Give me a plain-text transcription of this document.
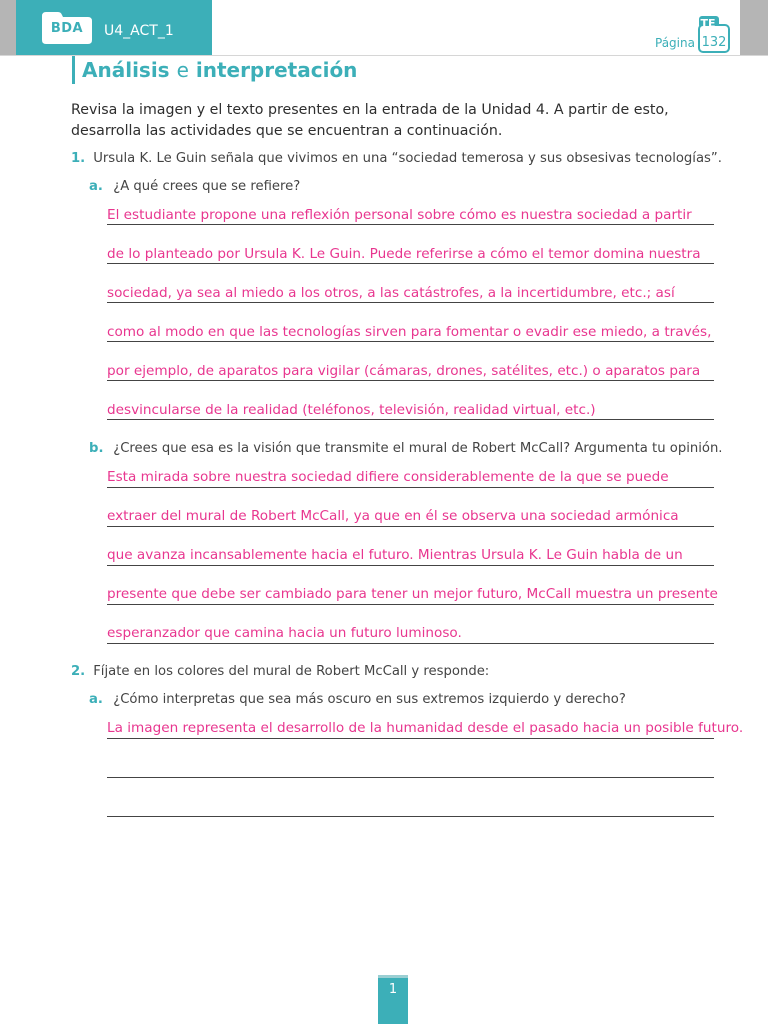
BDA	U4_ACT_1
Página
TE
132
Análisis e interpretación
Revisa la imagen y el texto presentes en la entrada de la Unidad 4. A partir de esto, desarrolla las actividades que se encuentran a continuación.
1. Ursula K. Le Guin señala que vivimos en una “sociedad temerosa y sus obsesivas tecnologías”.
a. ¿A qué crees que se refiere?
El estudiante propone una reflexión personal sobre cómo es nuestra sociedad a partir
de lo planteado por Ursula K. Le Guin. Puede referirse a cómo el temor domina nuestra
sociedad, ya sea al miedo a los otros, a las catástrofes, a la incertidumbre, etc.; así
como al modo en que las tecnologías sirven para fomentar o evadir ese miedo, a través,
por ejemplo, de aparatos para vigilar (cámaras, drones, satélites, etc.) o aparatos para
desvincularse de la realidad (teléfonos, televisión, realidad virtual, etc.)
b. ¿Crees que esa es la visión que transmite el mural de Robert McCall? Argumenta tu opinión.
Esta mirada sobre nuestra sociedad difiere considerablemente de la que se puede
extraer del mural de Robert McCall, ya que en él se observa una sociedad armónica
que avanza incansablemente hacia el futuro. Mientras Ursula K. Le Guin habla de un
presente que debe ser cambiado para tener un mejor futuro, McCall muestra un presente
esperanzador que camina hacia un futuro luminoso.
2. Fíjate en los colores del mural de Robert McCall y responde:
a. ¿Cómo interpretas que sea más oscuro en sus extremos izquierdo y derecho?
La imagen representa el desarrollo de la humanidad desde el pasado hacia un posible futuro.
1
